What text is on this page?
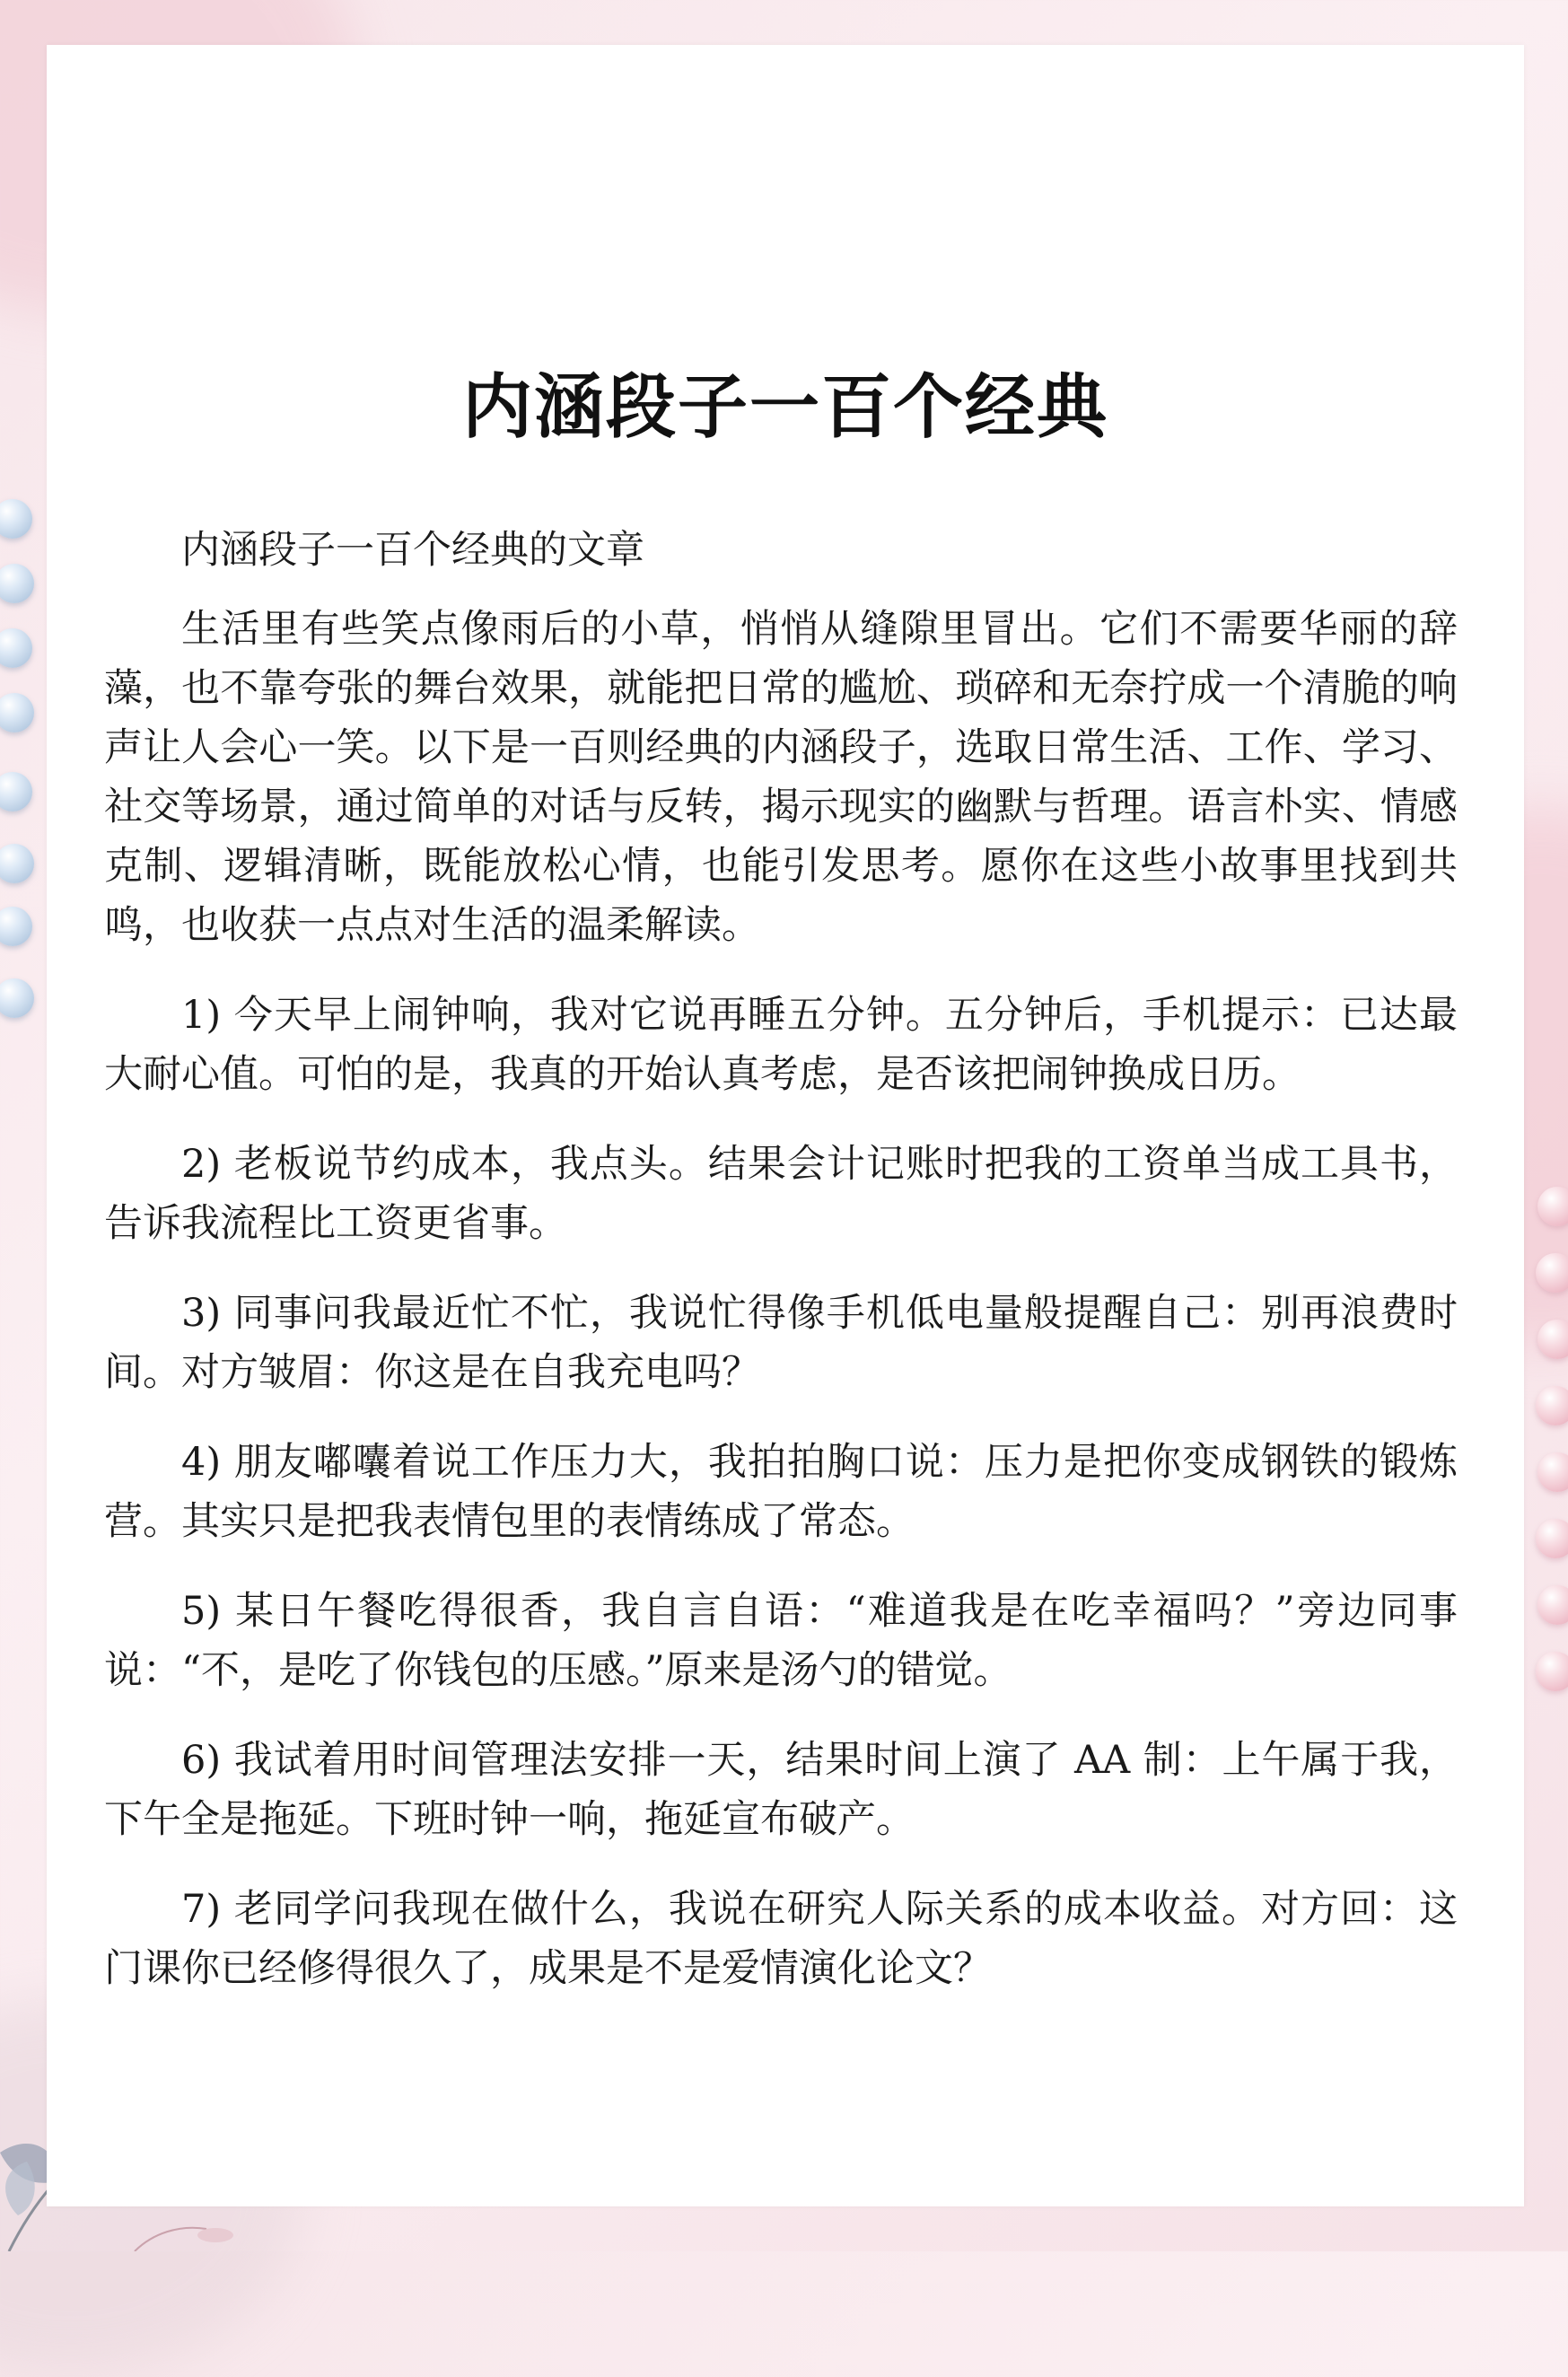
内涵段子一百个经典

内涵段子一百个经典的文章

生活里有些笑点像雨后的小草，悄悄从缝隙里冒出。它们不需要华丽的辞藻，也不靠夸张的舞台效果，就能把日常的尴尬、琐碎和无奈拧成一个清脆的响声让人会心一笑。以下是一百则经典的内涵段子，选取日常生活、工作、学习、社交等场景，通过简单的对话与反转，揭示现实的幽默与哲理。语言朴实、情感克制、逻辑清晰，既能放松心情，也能引发思考。愿你在这些小故事里找到共鸣，也收获一点点对生活的温柔解读。

1) 今天早上闹钟响，我对它说再睡五分钟。五分钟后，手机提示：已达最大耐心值。可怕的是，我真的开始认真考虑，是否该把闹钟换成日历。

2) 老板说节约成本，我点头。结果会计记账时把我的工资单当成工具书，告诉我流程比工资更省事。

3) 同事问我最近忙不忙，我说忙得像手机低电量般提醒自己：别再浪费时间。对方皱眉：你这是在自我充电吗？

4) 朋友嘟囔着说工作压力大，我拍拍胸口说：压力是把你变成钢铁的锻炼营。其实只是把我表情包里的表情练成了常态。

5) 某日午餐吃得很香，我自言自语：“难道我是在吃幸福吗？”旁边同事说：“不，是吃了你钱包的压感。”原来是汤勺的错觉。

6) 我试着用时间管理法安排一天，结果时间上演了 AA 制：上午属于我，下午全是拖延。下班时钟一响，拖延宣布破产。

7) 老同学问我现在做什么，我说在研究人际关系的成本收益。对方回：这门课你已经修得很久了，成果是不是爱情演化论文？
